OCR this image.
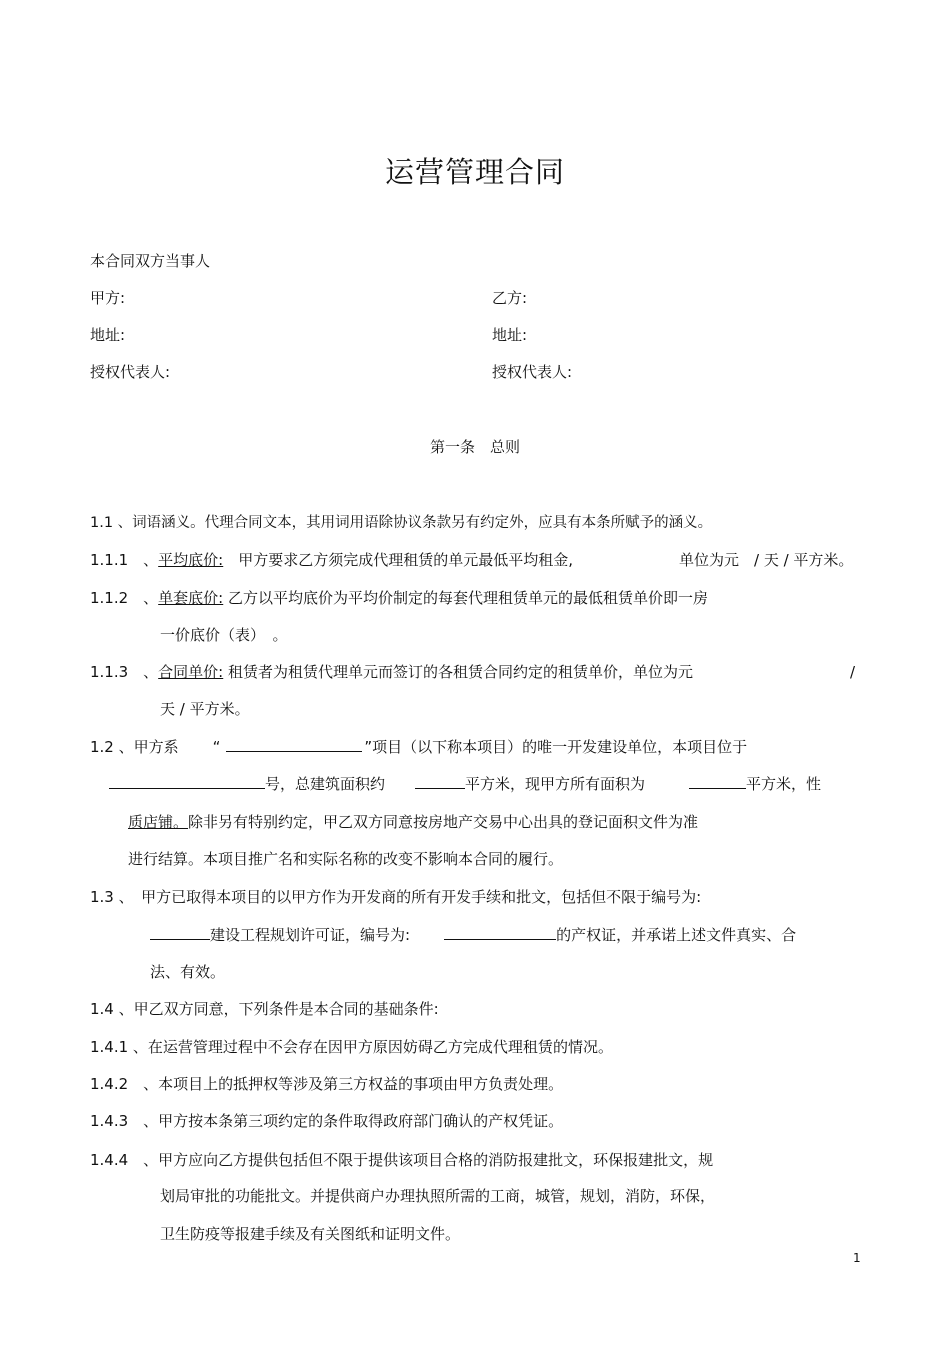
运营管理合同
本合同双方当事人
甲方:	乙方:
地址:	地址:
授权代表人:	授权代表人:
第一条　总则
1.1 、词语涵义。代理合同文本，其用词用语除协议条款另有约定外，应具有本条所赋予的涵义。
1.1.1　、平均底价:　甲方要求乙方须完成代理租赁的单元最低平均租金,	单位为元　/ 天 / 平方米。
1.1.2　、单套底价: 乙方以平均底价为平均价制定的每套代理租赁单元的最低租赁单价即一房
一价底价（表）　。
1.1.3　、合同单价: 租赁者为租赁代理单元而签订的各租赁合同约定的租赁单价，单位为元	/
天 / 平方米。
1.2 、甲方系 “	”项目（以下称本项目）的唯一开发建设单位，本项目位于
号，总建筑面积约	平方米，现甲方所有面积为	平方米，性
质店铺。除非另有特别约定，甲乙双方同意按房地产交易中心出具的登记面积文件为准
进行结算。本项目推广名和实际名称的改变不影响本合同的履行。
1.3 、　甲方已取得本项目的以甲方作为开发商的所有开发手续和批文，包括但不限于编号为:
建设工程规划许可证，编号为:	的产权证，并承诺上述文件真实、合
法、有效。
1.4 、甲乙双方同意，下列条件是本合同的基础条件:
1.4.1 、在运营管理过程中不会存在因甲方原因妨碍乙方完成代理租赁的情况。
1.4.2　、本项目上的抵押权等涉及第三方权益的事项由甲方负责处理。
1.4.3　、甲方按本条第三项约定的条件取得政府部门确认的产权凭证。
1.4.4　、甲方应向乙方提供包括但不限于提供该项目合格的消防报建批文，环保报建批文，规
划局审批的功能批文。并提供商户办理执照所需的工商，城管，规划，消防，环保，
卫生防疫等报建手续及有关图纸和证明文件。
1
